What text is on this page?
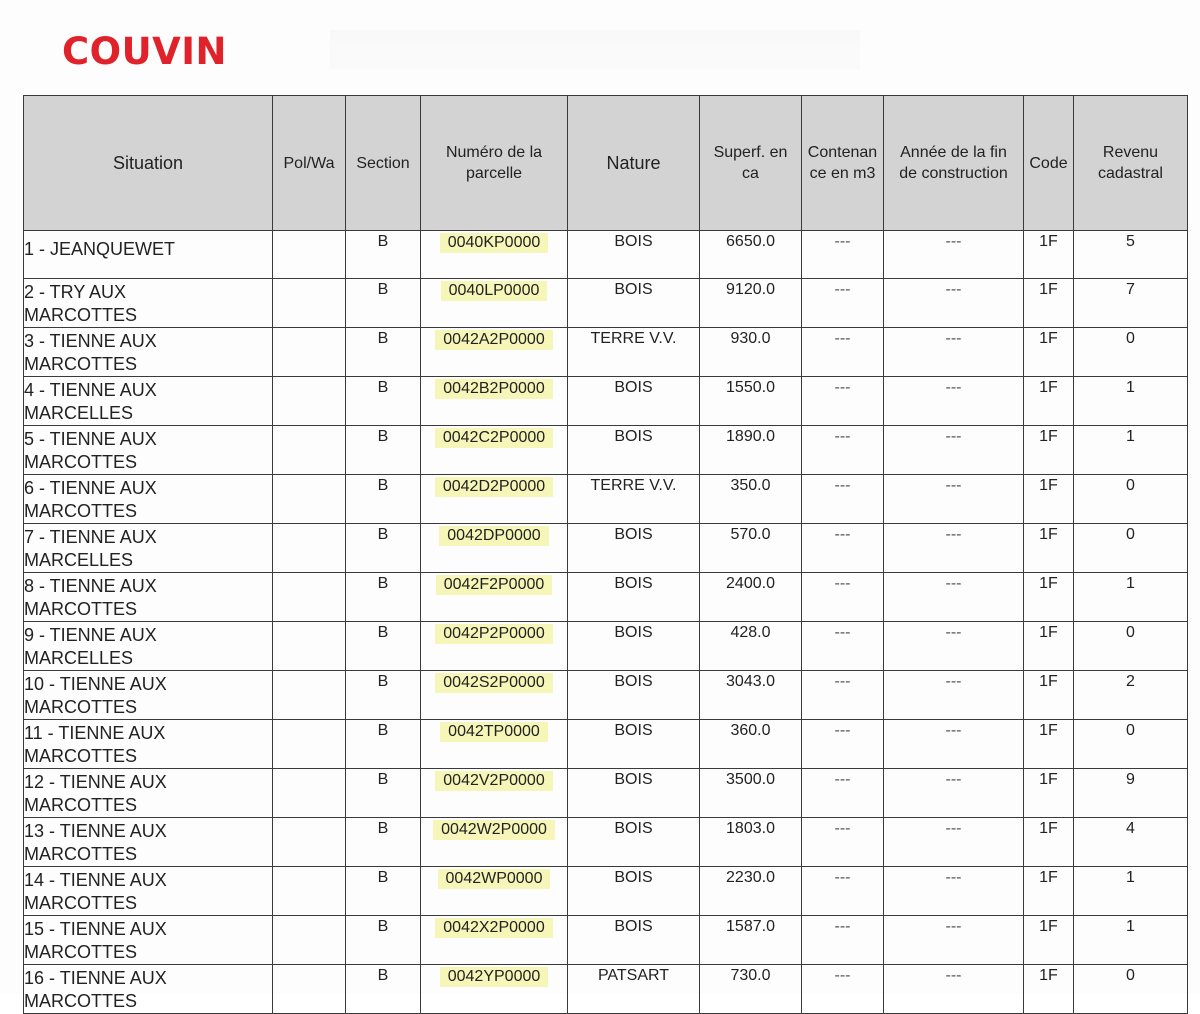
COUVIN
Situation	Pol/Wa	Section	Numéro de la
parcelle	Nature	Superf. en
ca	Contenan
ce en m3	Année de la fin
de construction	Code	Revenu
cadastral
1 - JEANQUEWET		B	0040KP0000	BOIS	6650.0	---	---	1F	5
2 - TRY AUX
MARCOTTES		B	0040LP0000	BOIS	9120.0	---	---	1F	7
3 - TIENNE AUX
MARCOTTES		B	0042A2P0000	TERRE V.V.	930.0	---	---	1F	0
4 - TIENNE AUX
MARCELLES		B	0042B2P0000	BOIS	1550.0	---	---	1F	1
5 - TIENNE AUX
MARCOTTES		B	0042C2P0000	BOIS	1890.0	---	---	1F	1
6 - TIENNE AUX
MARCOTTES		B	0042D2P0000	TERRE V.V.	350.0	---	---	1F	0
7 - TIENNE AUX
MARCELLES		B	0042DP0000	BOIS	570.0	---	---	1F	0
8 - TIENNE AUX
MARCOTTES		B	0042F2P0000	BOIS	2400.0	---	---	1F	1
9 - TIENNE AUX
MARCELLES		B	0042P2P0000	BOIS	428.0	---	---	1F	0
10 - TIENNE AUX
MARCOTTES		B	0042S2P0000	BOIS	3043.0	---	---	1F	2
11 - TIENNE AUX
MARCOTTES		B	0042TP0000	BOIS	360.0	---	---	1F	0
12 - TIENNE AUX
MARCOTTES		B	0042V2P0000	BOIS	3500.0	---	---	1F	9
13 - TIENNE AUX
MARCOTTES		B	0042W2P0000	BOIS	1803.0	---	---	1F	4
14 - TIENNE AUX
MARCOTTES		B	0042WP0000	BOIS	2230.0	---	---	1F	1
15 - TIENNE AUX
MARCOTTES		B	0042X2P0000	BOIS	1587.0	---	---	1F	1
16 - TIENNE AUX
MARCOTTES		B	0042YP0000	PATSART	730.0	---	---	1F	0
